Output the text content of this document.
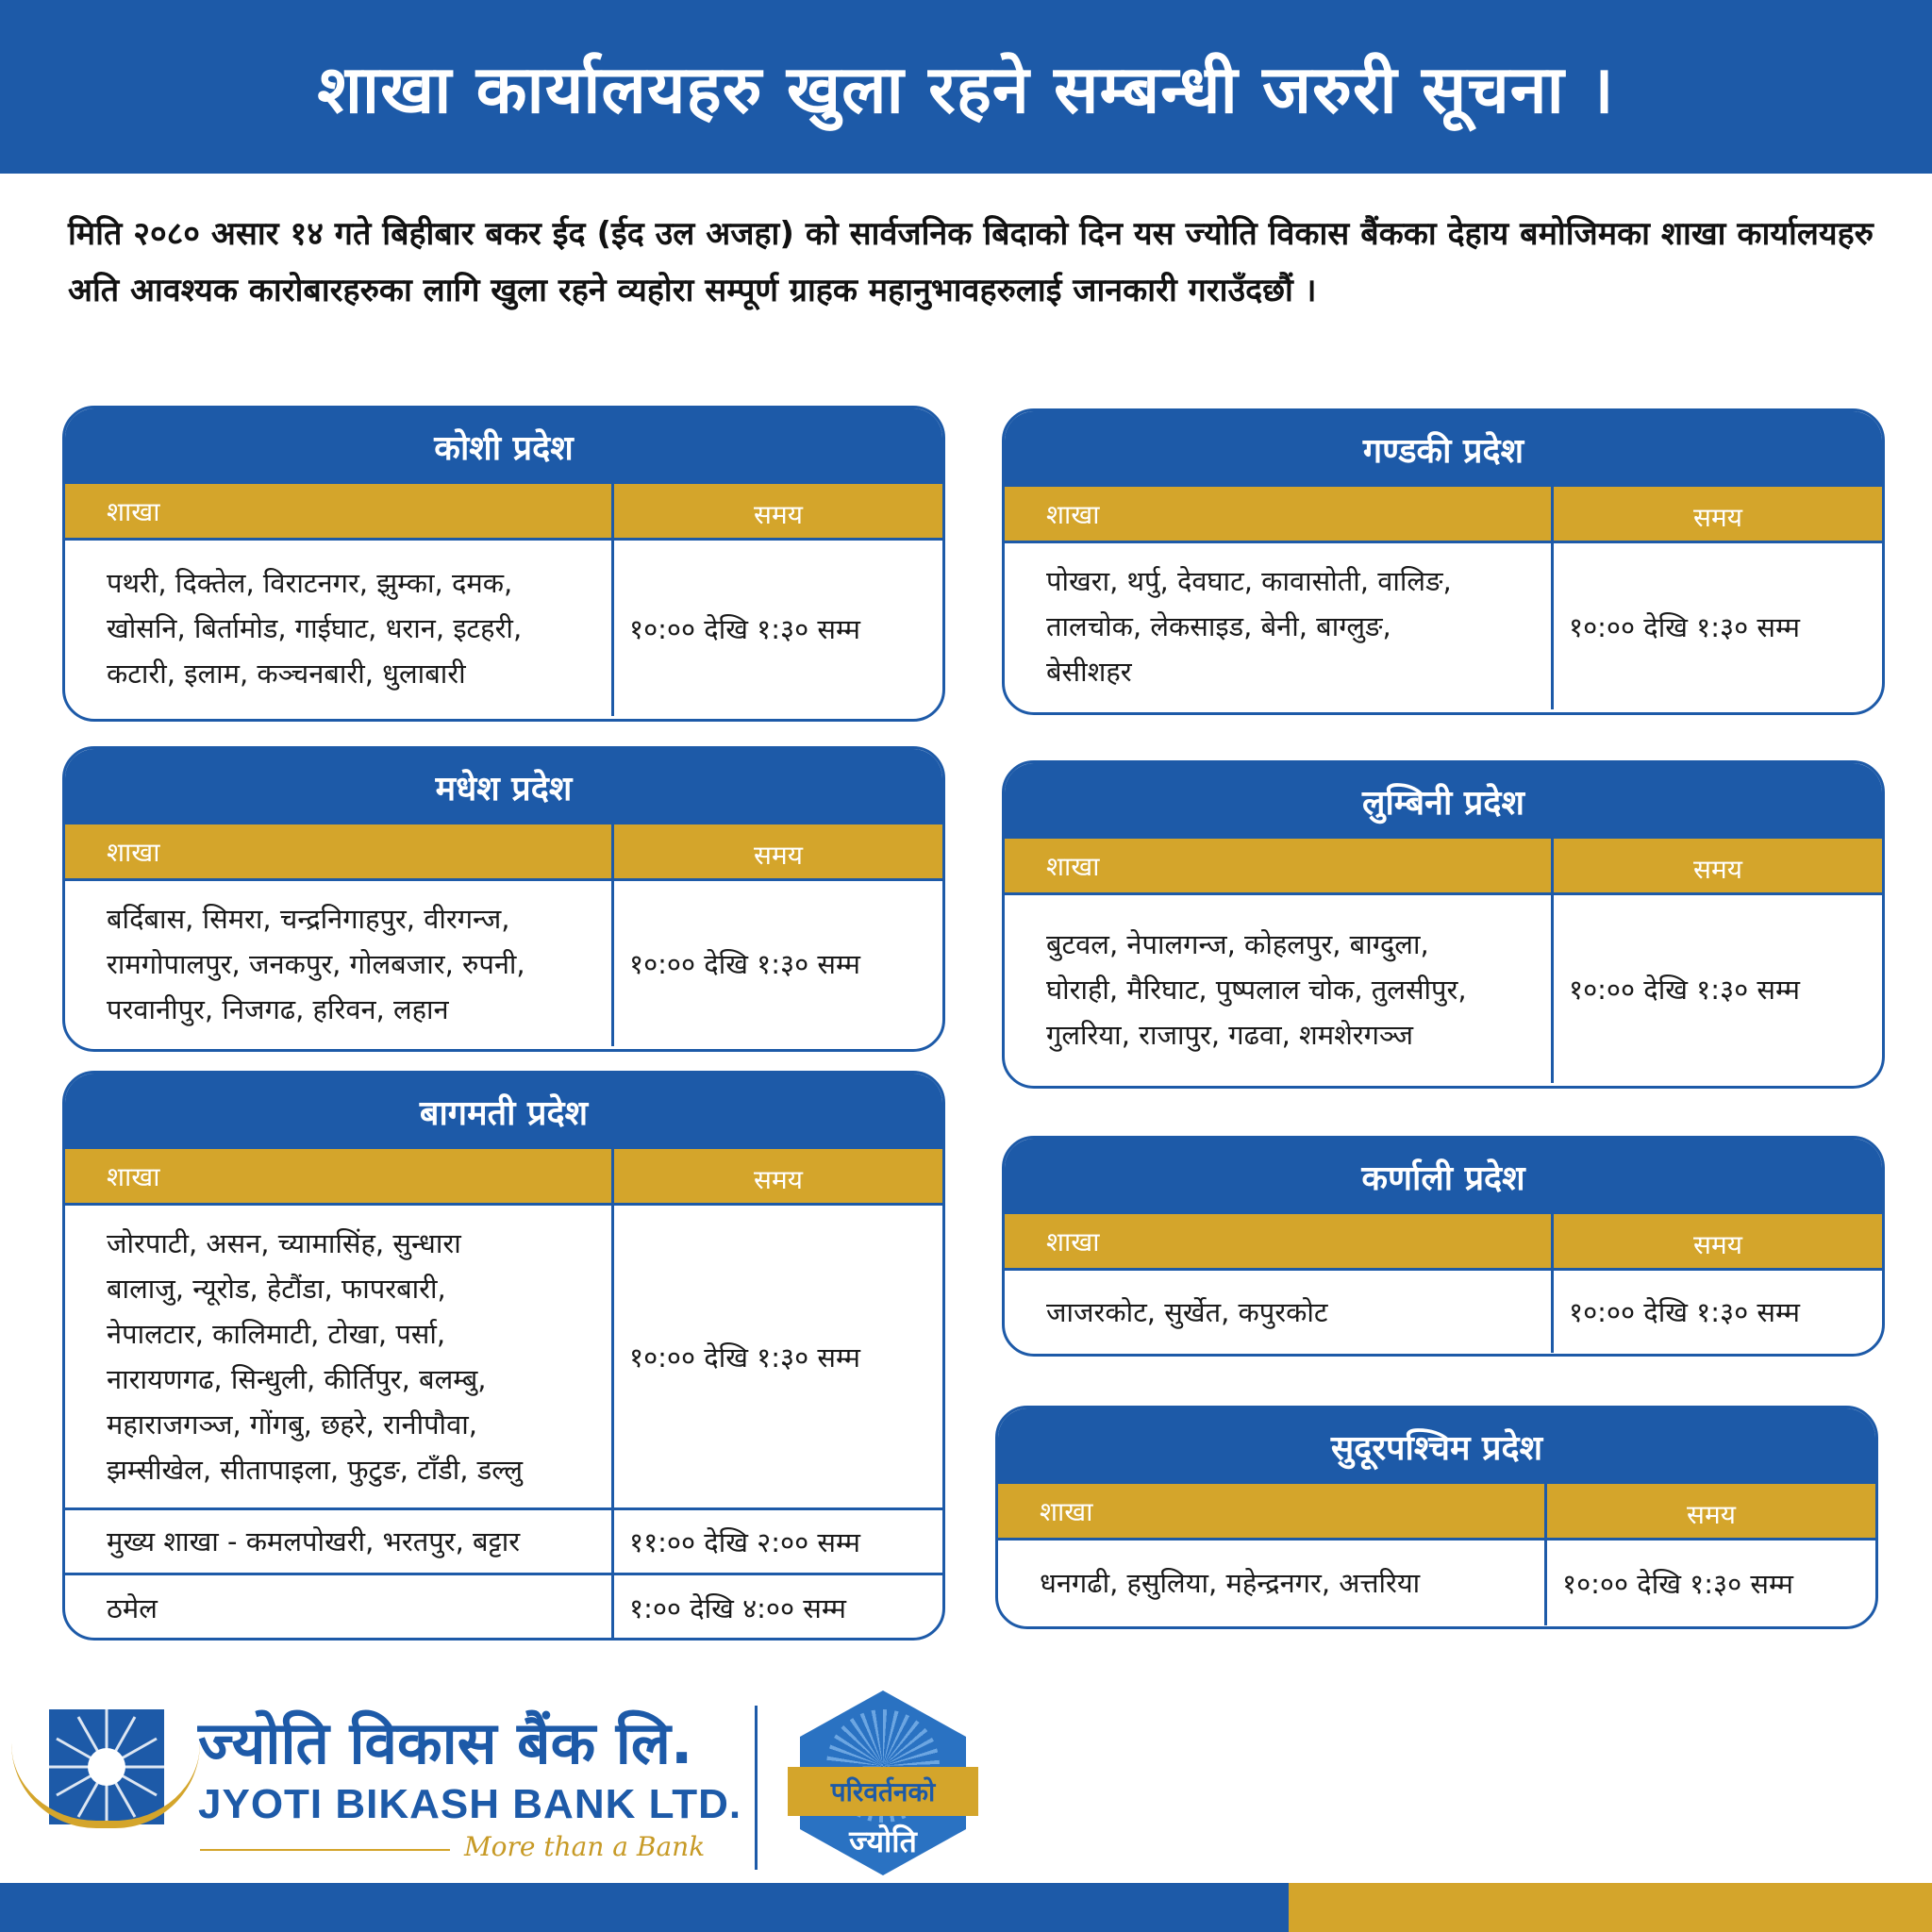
शाखा कार्यालयहरु खुला रहने सम्बन्धी जरुरी सूचना ।

मिति २०८० असार १४ गते बिहीबार बकर ईद (ईद उल अजहा) को सार्वजनिक बिदाको दिन यस ज्योति विकास बैंकका देहाय बमोजिमका शाखा कार्यालयहरु अति आवश्यक कारोबारहरुका लागि खुला रहने व्यहोरा सम्पूर्ण ग्राहक महानुभावहरुलाई जानकारी गराउँदछौं ।

कोशी प्रदेश
शाखा	समय
पथरी, दिक्तेल, विराटनगर, झुम्का, दमक,
खोसनि, बिर्तामोड, गाईघाट, धरान, इटहरी,
कटारी, इलाम, कञ्चनबारी, धुलाबारी
१०:०० देखि १:३० सम्म
गण्डकी प्रदेश
शाखा	समय
पोखरा, थर्पु, देवघाट, कावासोती, वालिङ,
तालचोक, लेकसाइड, बेनी, बाग्लुङ,
बेसीशहर
१०:०० देखि १:३० सम्म
मधेश प्रदेश
शाखा	समय
बर्दिबास, सिमरा, चन्द्रनिगाहपुर, वीरगन्ज,
रामगोपालपुर, जनकपुर, गोलबजार, रुपनी,
परवानीपुर, निजगढ, हरिवन, लहान
१०:०० देखि १:३० सम्म
लुम्बिनी प्रदेश
शाखा	समय
बुटवल, नेपालगन्ज, कोहलपुर, बाग्दुला,
घोराही, मैरिघाट, पुष्पलाल चोक, तुलसीपुर,
गुलरिया, राजापुर, गढवा, शमशेरगञ्ज
१०:०० देखि १:३० सम्म
बागमती प्रदेश
शाखा	समय
जोरपाटी, असन, च्यामासिंह, सुन्धारा
बालाजु, न्यूरोड, हेटौंडा, फापरबारी,
नेपालटार, कालिमाटी, टोखा, पर्सा,
नारायणगढ, सिन्धुली, कीर्तिपुर, बलम्बु,
महाराजगञ्ज, गोंगबु, छहरे, रानीपौवा,
झम्सीखेल, सीतापाइला, फुटुङ, टाँडी, डल्लु
१०:०० देखि १:३० सम्म
मुख्य शाखा - कमलपोखरी, भरतपुर, बट्टार	११:०० देखि २:०० सम्म
ठमेल	१:०० देखि ४:०० सम्म
कर्णाली प्रदेश
शाखा	समय
जाजरकोट, सुर्खेत, कपुरकोट	१०:०० देखि १:३० सम्म
सुदूरपश्चिम प्रदेश
शाखा	समय
धनगढी, हसुलिया, महेन्द्रनगर, अत्तरिया	१०:०० देखि १:३० सम्म
ज्योति विकास बैंक लि.
JYOTI BIKASH BANK LTD.
More than a Bank
परिवर्तनको
ज्योति
